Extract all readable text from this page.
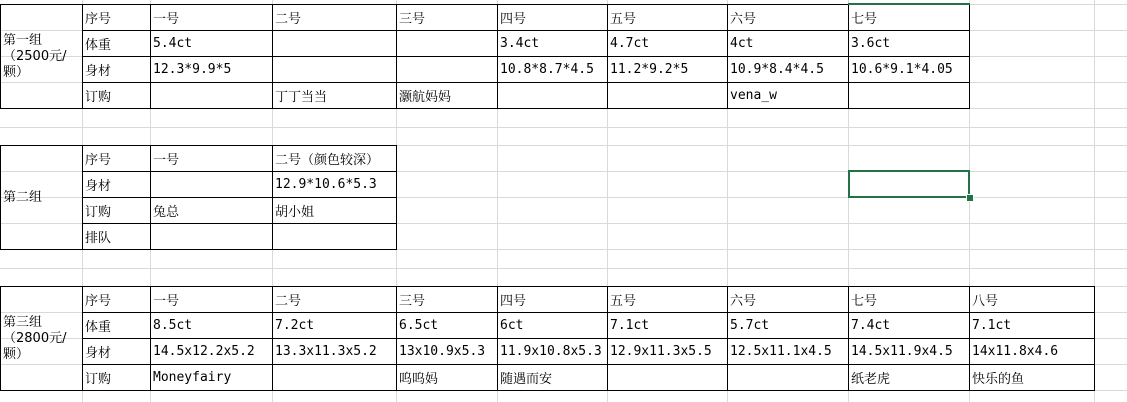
第一组（2500元/颗）	序号	一号	二号	三号	四号	五号	六号	七号
	体重	5.4ct			3.4ct	4.7ct	4ct	3.6ct
	身材	12.3*9.9*5			10.8*8.7*4.5	11.2*9.2*5	10.9*8.4*4.5	10.6*9.1*4.05
	订购		丁丁当当	灏航妈妈			vena_w	
第二组	序号	一号	二号（颜色较深）
	身材		12.9*10.6*5.3
	订购	兔总	胡小姐
	排队		
第三组（2800元/颗）	序号	一号	二号	三号	四号	五号	六号	七号	八号
	体重	8.5ct	7.2ct	6.5ct	6ct	7.1ct	5.7ct	7.4ct	7.1ct
	身材	14.5x12.2x5.2	13.3x11.3x5.2	13x10.9x5.3	11.9x10.8x5.3	12.9x11.3x5.5	12.5x11.1x4.5	14.5x11.9x4.5	14x11.8x4.6
	订购	Moneyfairy		呜呜妈	随遇而安			纸老虎	快乐的鱼
